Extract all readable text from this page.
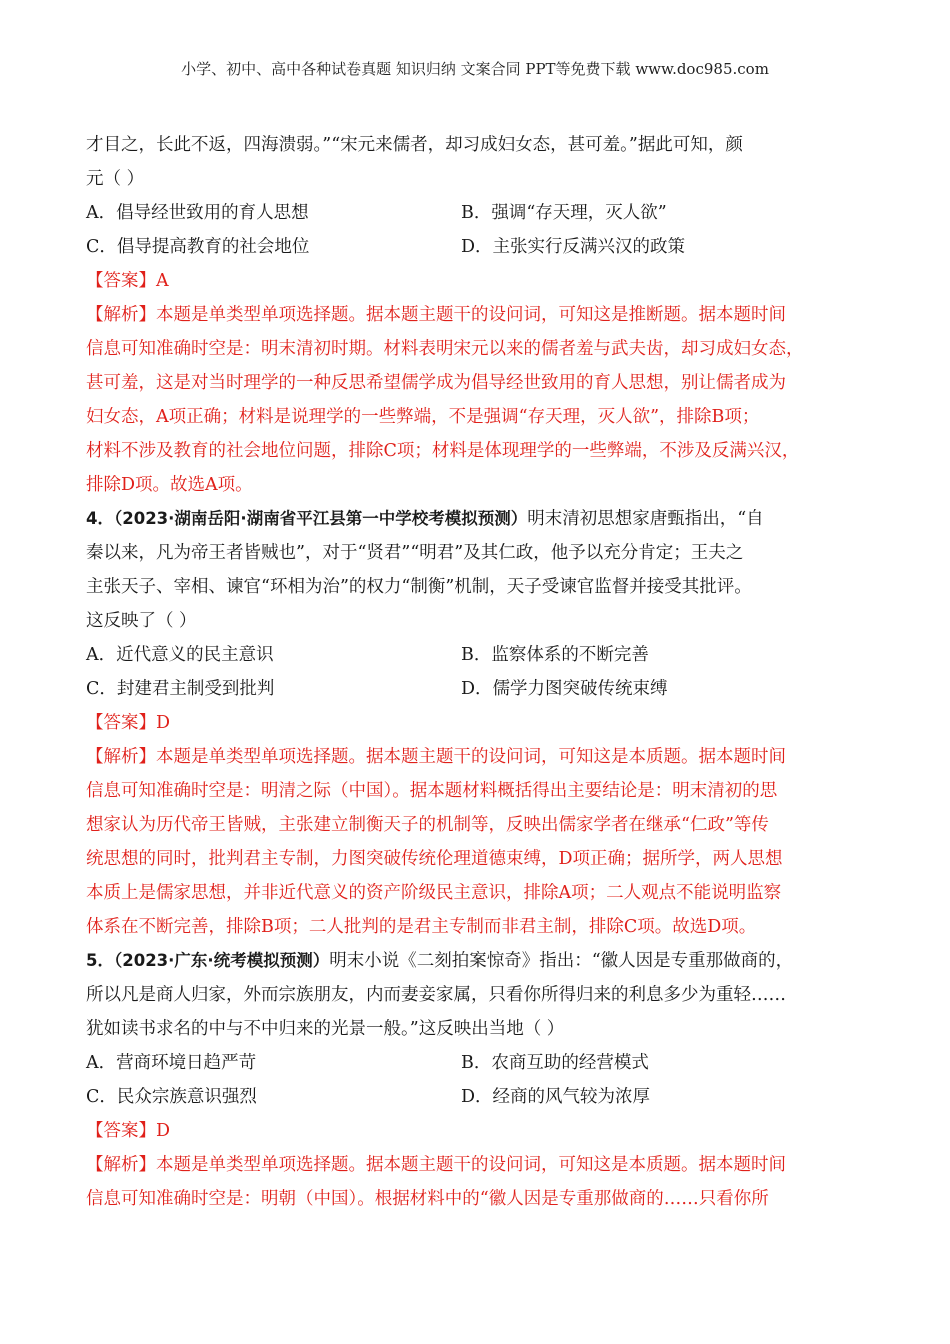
小学、初中、高中各种试卷真题 知识归纳 文案合同 PPT等免费下载 www.doc985.com
才目之，长此不返，四海溃弱。”“宋元来儒者，却习成妇女态，甚可羞。”据此可知，颜
元（ ）
A．倡导经世致用的育人思想	B．强调“存天理，灭人欲”
C．倡导提高教育的社会地位	D．主张实行反满兴汉的政策
【答案】A
【解析】本题是单类型单项选择题。据本题主题干的设问词，可知这是推断题。据本题时间
信息可知准确时空是：明末清初时期。材料表明宋元以来的儒者羞与武夫齿，却习成妇女态，
甚可羞，这是对当时理学的一种反思希望儒学成为倡导经世致用的育人思想，别让儒者成为
妇女态，A项正确；材料是说理学的一些弊端，不是强调“存天理，灭人欲”，排除B项；
材料不涉及教育的社会地位问题，排除C项；材料是体现理学的一些弊端，不涉及反满兴汉，
排除D项。故选A项。
4．（2023·湖南岳阳·湖南省平江县第一中学校考模拟预测）明末清初思想家唐甄指出，“自
秦以来，凡为帝王者皆贼也”，对于“贤君”“明君”及其仁政，他予以充分肯定；王夫之
主张天子、宰相、谏官“环相为治”的权力“制衡”机制，天子受谏官监督并接受其批评。
这反映了（ ）
A．近代意义的民主意识	B．监察体系的不断完善
C．封建君主制受到批判	D．儒学力图突破传统束缚
【答案】D
【解析】本题是单类型单项选择题。据本题主题干的设问词，可知这是本质题。据本题时间
信息可知准确时空是：明清之际（中国）。据本题材料概括得出主要结论是：明末清初的思
想家认为历代帝王皆贼，主张建立制衡天子的机制等，反映出儒家学者在继承“仁政”等传
统思想的同时，批判君主专制，力图突破传统伦理道德束缚，D项正确；据所学，两人思想
本质上是儒家思想，并非近代意义的资产阶级民主意识，排除A项；二人观点不能说明监察
体系在不断完善，排除B项；二人批判的是君主专制而非君主制，排除C项。故选D项。
5．（2023·广东·统考模拟预测）明末小说《二刻拍案惊奇》指出：“徽人因是专重那做商的，
所以凡是商人归家，外而宗族朋友，内而妻妾家属，只看你所得归来的利息多少为重轻……
犹如读书求名的中与不中归来的光景一般。”这反映出当地（ ）
A．营商环境日趋严苛	B．农商互助的经营模式
C．民众宗族意识强烈	D．经商的风气较为浓厚
【答案】D
【解析】本题是单类型单项选择题。据本题主题干的设问词，可知这是本质题。据本题时间
信息可知准确时空是：明朝（中国）。根据材料中的“徽人因是专重那做商的……只看你所
